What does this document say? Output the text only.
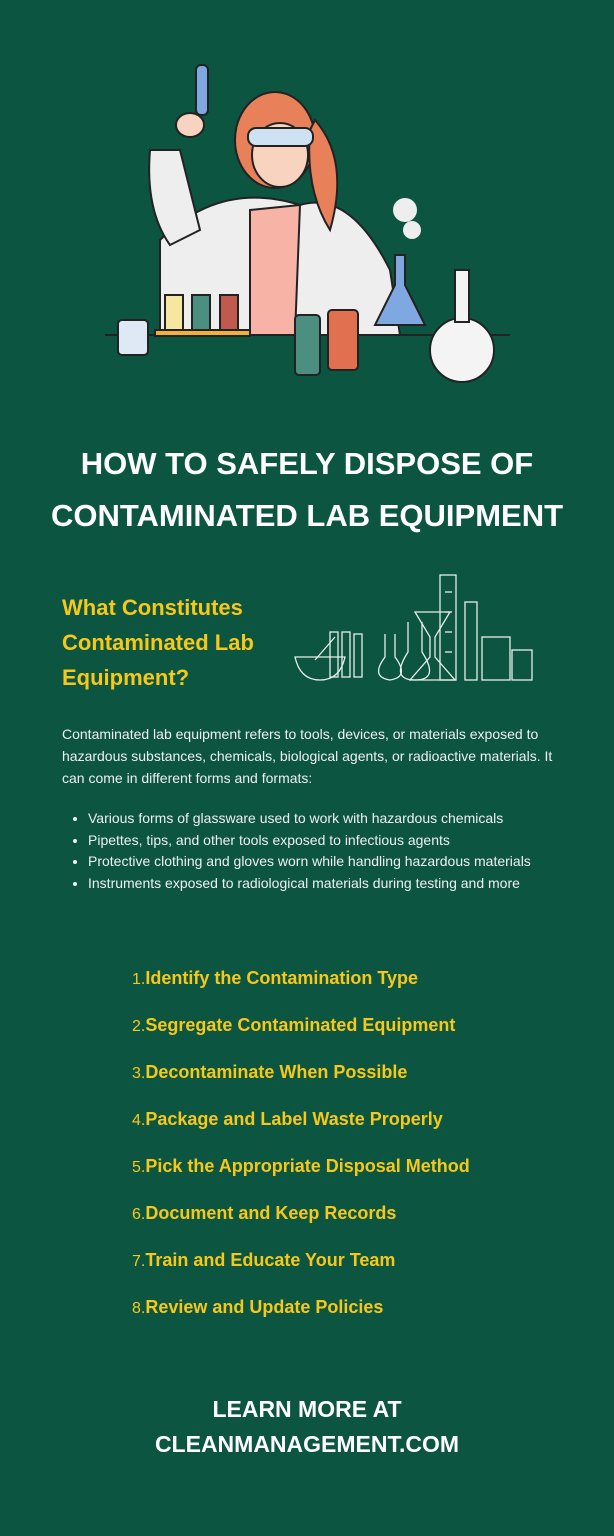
HOW TO SAFELY DISPOSE OF
CONTAMINATED LAB EQUIPMENT
What Constitutes
Contaminated Lab
Equipment?
Contaminated lab equipment refers to tools, devices, or materials exposed to hazardous substances, chemicals, biological agents, or radioactive materials. It can come in different forms and formats:
• Various forms of glassware used to work with hazardous chemicals
• Pipettes, tips, and other tools exposed to infectious agents
• Protective clothing and gloves worn while handling hazardous materials
• Instruments exposed to radiological materials during testing and more
1.Identify the Contamination Type
2.Segregate Contaminated Equipment
3.Decontaminate When Possible
4.Package and Label Waste Properly
5.Pick the Appropriate Disposal Method
6.Document and Keep Records
7.Train and Educate Your Team
8.Review and Update Policies
LEARN MORE AT
CLEANMANAGEMENT.COM
